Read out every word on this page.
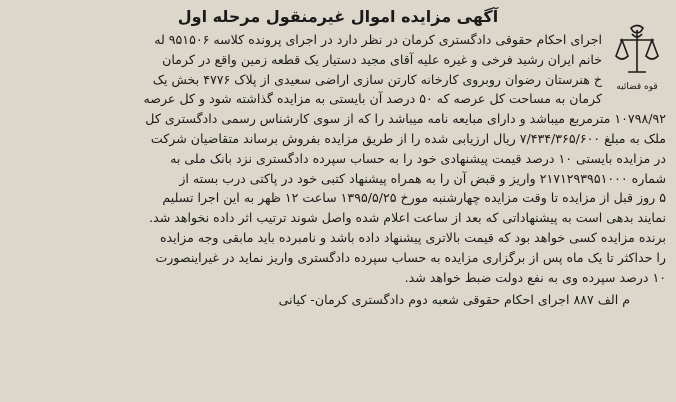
آگهی مزایده اموال غیرمنقول مرحله اول
قوه قضائیه

اجرای احکام حقوقی دادگستری کرمان در نظر دارد در اجرای پرونده کلاسه ۹۵۱۵۰۶ له

خانم ایران رشید فرخی و غیره علیه آقای مجید دستیار یک قطعه زمین واقع در کرمان

خ هنرستان رضوان روبروی کارخانه کارتن سازی اراضی سعیدی از پلاک ۴۷۷۶ بخش یک

کرمان به مساحت کل عرصه که ۵۰ درصد آن بایستی به مزایده گذاشته شود و کل عرصه

۱۰۷۹۸/۹۲ مترمربع میباشد و دارای مبایعه نامه میباشد را که از سوی کارشناس رسمی دادگستری کل

ملک به مبلغ ۷/۴۳۴/۳۶۵/۶۰۰ ریال ارزیابی شده را از طریق مزایده بفروش برساند متقاضیان شرکت

در مزایده بایستی ۱۰ درصد قیمت پیشنهادی خود را به حساب سپرده دادگستری نزد بانک ملی به

شماره ۲۱۷۱۲۹۳۹۵۱۰۰۰ واریز و قبض آن را به همراه پیشنهاد کتبی خود در پاکتی درب بسته از

۵ روز قبل از مزایده تا وقت مزایده چهارشنبه مورخ ۱۳۹۵/۵/۲۵ ساعت ۱۲ ظهر به این اجرا تسلیم

نمایند بدهی است به پیشنهاداتی که بعد از ساعت اعلام شده واصل شوند ترتیب اثر داده نخواهد شد.

برنده مزایده کسی خواهد بود که قیمت بالاتری پیشنهاد داده باشد و نامبرده باید مابقی وجه مزایده

را حداکثر تا یک ماه پس از برگزاری مزایده به حساب سپرده دادگستری واریز نماید در غیراینصورت

۱۰ درصد سپرده وی به نفع دولت ضبط خواهد شد.

م الف ۸۸۷ اجرای احکام حقوقی شعبه دوم دادگستری کرمان- کیانی
